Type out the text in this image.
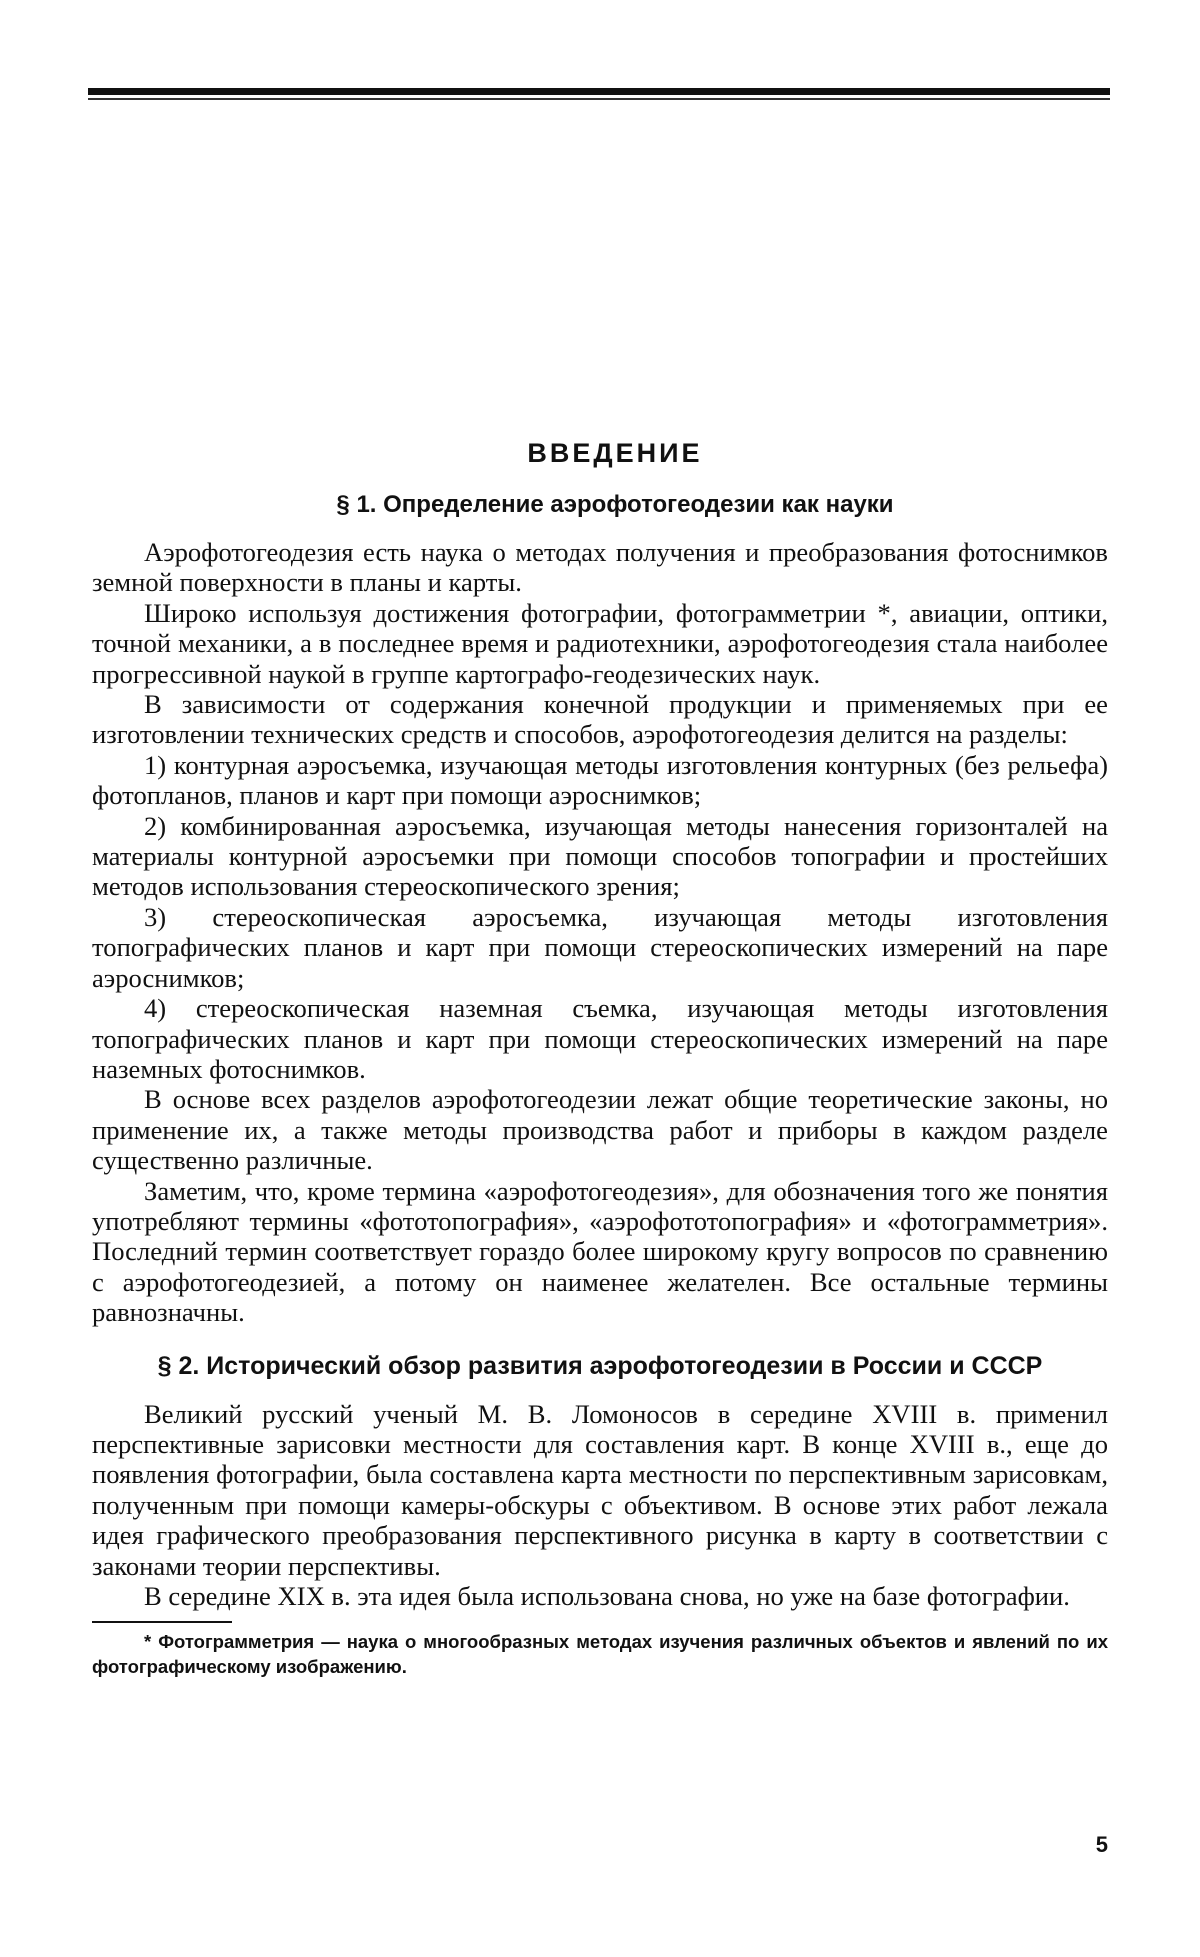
ВВЕДЕНИЕ
§ 1. Определение аэрофотогеодезии как науки

Аэрофотогеодезия есть наука о методах получения и преобразования фотоснимков земной поверхности в планы и карты.

Широко используя достижения фотографии, фотограмметрии *, авиации, оптики, точной механики, а в последнее время и радиотехники, аэрофотогеодезия стала наиболее прогрессивной наукой в группе картографо-геодезических наук.

В зависимости от содержания конечной продукции и применяемых при ее изготовлении технических средств и способов, аэрофотогеодезия делится на разделы:

1) контурная аэросъемка, изучающая методы изготовления контурных (без рельефа) фотопланов, планов и карт при помощи аэроснимков;

2) комбинированная аэросъемка, изучающая методы нанесения горизонталей на материалы контурной аэросъемки при помощи способов топографии и простейших методов использования стереоскопического зрения;

3) стереоскопическая аэросъемка, изучающая методы изготовления топографических планов и карт при помощи стереоскопических измерений на паре аэроснимков;

4) стереоскопическая наземная съемка, изучающая методы изготовления топографических планов и карт при помощи стереоскопических измерений на паре наземных фотоснимков.

В основе всех разделов аэрофотогеодезии лежат общие теоретические законы, но применение их, а также методы производства работ и приборы в каждом разделе существенно различные.

Заметим, что, кроме термина «аэрофотогеодезия», для обозначения того же понятия употребляют термины «фототопография», «аэрофототопография» и «фотограмметрия». Последний термин соответствует гораздо более широкому кругу вопросов по сравнению с аэрофотогеодезией, а потому он наименее желателен. Все остальные термины равнозначны.

§ 2. Исторический обзор развития аэрофотогеодезии в России и СССР

Великий русский ученый М. В. Ломоносов в середине XVIII в. применил перспективные зарисовки местности для составления карт. В конце XVIII в., еще до появления фотографии, была составлена карта местности по перспективным зарисовкам, полученным при помощи камеры-обскуры с объективом. В основе этих работ лежала идея графического преобразования перспективного рисунка в карту в соответствии с законами теории перспективы.

В середине XIX в. эта идея была использована снова, но уже на базе фотографии.

* Фотограмметрия — наука о многообразных методах изучения различных объектов и явлений по их фотографическому изображению.

5
